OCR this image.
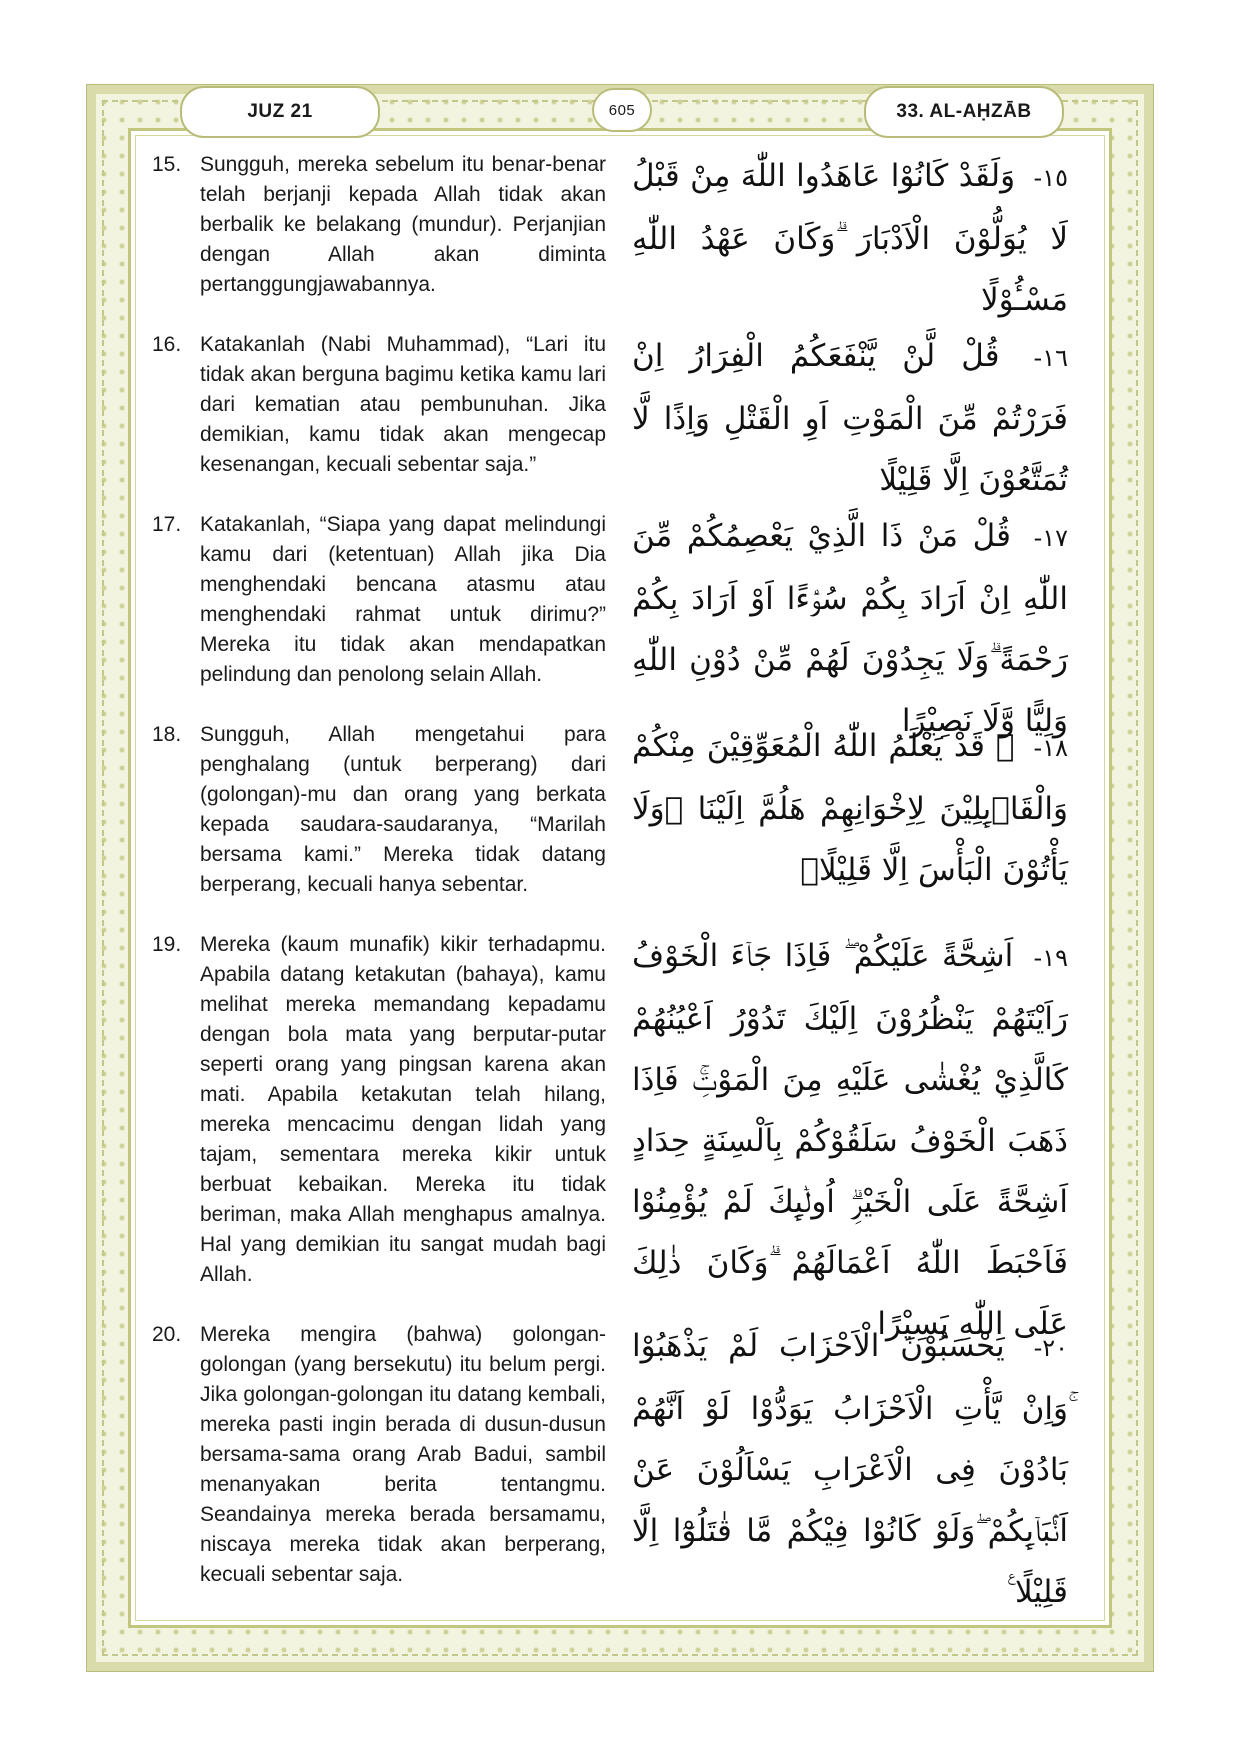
JUZ 21	605	33. AL-AḤZĀB
15. Sungguh, mereka sebelum itu benar-benar telah berjanji kepada Allah tidak akan berbalik ke belakang (mundur). Perjanjian dengan Allah akan diminta pertanggungjawabannya.
١٥- وَلَقَدْ كَانُوْا عَاهَدُوا اللّٰهَ مِنْ قَبْلُ لَا يُوَلُّوْنَ الْاَدْبَارَ ۗوَكَانَ عَهْدُ اللّٰهِ مَسْـُٔوْلًا
16. Katakanlah (Nabi Muhammad), “Lari itu tidak akan berguna bagimu ketika kamu lari dari kematian atau pembunuhan. Jika demikian, kamu tidak akan mengecap kesenangan, kecuali sebentar saja.”
١٦- قُلْ لَّنْ يَّنْفَعَكُمُ الْفِرَارُ اِنْ فَرَرْتُمْ مِّنَ الْمَوْتِ اَوِ الْقَتْلِ وَاِذًا لَّا تُمَتَّعُوْنَ اِلَّا قَلِيْلًا
17. Katakanlah, “Siapa yang dapat melindungi kamu dari (ketentuan) Allah jika Dia menghendaki bencana atasmu atau menghendaki rahmat untuk dirimu?” Mereka itu tidak akan mendapatkan pelindung dan penolong selain Allah.
١٧- قُلْ مَنْ ذَا الَّذِيْ يَعْصِمُكُمْ مِّنَ اللّٰهِ اِنْ اَرَادَ بِكُمْ سُوْۤءًا اَوْ اَرَادَ بِكُمْ رَحْمَةً ۗوَلَا يَجِدُوْنَ لَهُمْ مِّنْ دُوْنِ اللّٰهِ وَلِيًّا وَّلَا نَصِيْرًا
18. Sungguh, Allah mengetahui para penghalang (untuk berperang) dari (golongan)-mu dan orang yang berkata kepada saudara-saudaranya, “Marilah bersama kami.” Mereka tidak datang berperang, kecuali hanya sebentar.
١٨- ۞ قَدْ يَعْلَمُ اللّٰهُ الْمُعَوِّقِيْنَ مِنْكُمْ وَالْقَاۤىِٕلِيْنَ لِاِخْوَانِهِمْ هَلُمَّ اِلَيْنَا ۚوَلَا يَأْتُوْنَ الْبَأْسَ اِلَّا قَلِيْلًاۙ
19. Mereka (kaum munafik) kikir terhadapmu. Apabila datang ketakutan (bahaya), kamu melihat mereka memandang kepadamu dengan bola mata yang berputar-putar seperti orang yang pingsan karena akan mati. Apabila ketakutan telah hilang, mereka mencacimu dengan lidah yang tajam, sementara mereka kikir untuk berbuat kebaikan. Mereka itu tidak beriman, maka Allah menghapus amalnya. Hal yang demikian itu sangat mudah bagi Allah.
١٩- اَشِحَّةً عَلَيْكُمْ ۖ فَاِذَا جَاۤءَ الْخَوْفُ رَاَيْتَهُمْ يَنْظُرُوْنَ اِلَيْكَ تَدُوْرُ اَعْيُنُهُمْ كَالَّذِيْ يُغْشٰى عَلَيْهِ مِنَ الْمَوْتِۚ فَاِذَا ذَهَبَ الْخَوْفُ سَلَقُوْكُمْ بِاَلْسِنَةٍ حِدَادٍ اَشِحَّةً عَلَى الْخَيْرِۗ اُولٰۤىِٕكَ لَمْ يُؤْمِنُوْا فَاَحْبَطَ اللّٰهُ اَعْمَالَهُمْ ۗوَكَانَ ذٰلِكَ عَلَى اللّٰهِ يَسِيْرًا
20. Mereka mengira (bahwa) golongan-golongan (yang bersekutu) itu belum pergi. Jika golongan-golongan itu datang kembali, mereka pasti ingin berada di dusun-dusun bersama-sama orang Arab Badui, sambil menanyakan berita tentangmu. Seandainya mereka berada bersamamu, niscaya mereka tidak akan berperang, kecuali sebentar saja.
٢٠- يَحْسَبُوْنَ الْاَحْزَابَ لَمْ يَذْهَبُوْا ۚوَاِنْ يَّأْتِ الْاَحْزَابُ يَوَدُّوْا لَوْ اَنَّهُمْ بَادُوْنَ فِى الْاَعْرَابِ يَسْاَلُوْنَ عَنْ اَنْۢبَاۤىِٕكُمْ ۖوَلَوْ كَانُوْا فِيْكُمْ مَّا قٰتَلُوْٓا اِلَّا قَلِيْلًا ࣖ
